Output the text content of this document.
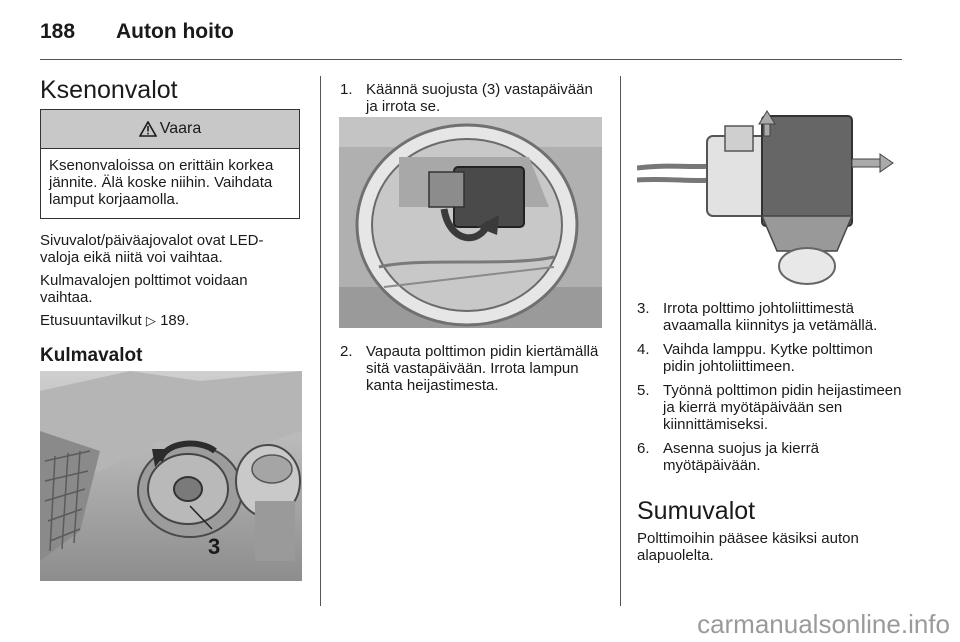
188 Auton hoito
Ksenonvalot
Vaara
Ksenonvaloissa on erittäin korkea jännite. Älä koske niihin. Vaihdata lamput korjaamolla.
Sivuvalot/päiväajovalot ovat LED-valoja eikä niitä voi vaihtaa.
Kulmavalojen polttimot voidaan vaihtaa.
Etusuuntavilkut ▷ 189.
Kulmavalot
3
1. Käännä suojusta (3) vastapäivään ja irrota se.
2. Vapauta polttimon pidin kiertämällä sitä vastapäivään. Irrota lampun kanta heijastimesta.
3. Irrota polttimo johtoliittimestä avaamalla kiinnitys ja vetämällä.
4. Vaihda lamppu. Kytke polttimon pidin johtoliittimeen.
5. Työnnä polttimon pidin heijastimeen ja kierrä myötäpäivään sen kiinnittämiseksi.
6. Asenna suojus ja kierrä myötäpäivään.
Sumuvalot
Polttimoihin pääsee käsiksi auton alapuolelta.
carmanualsonline.info
